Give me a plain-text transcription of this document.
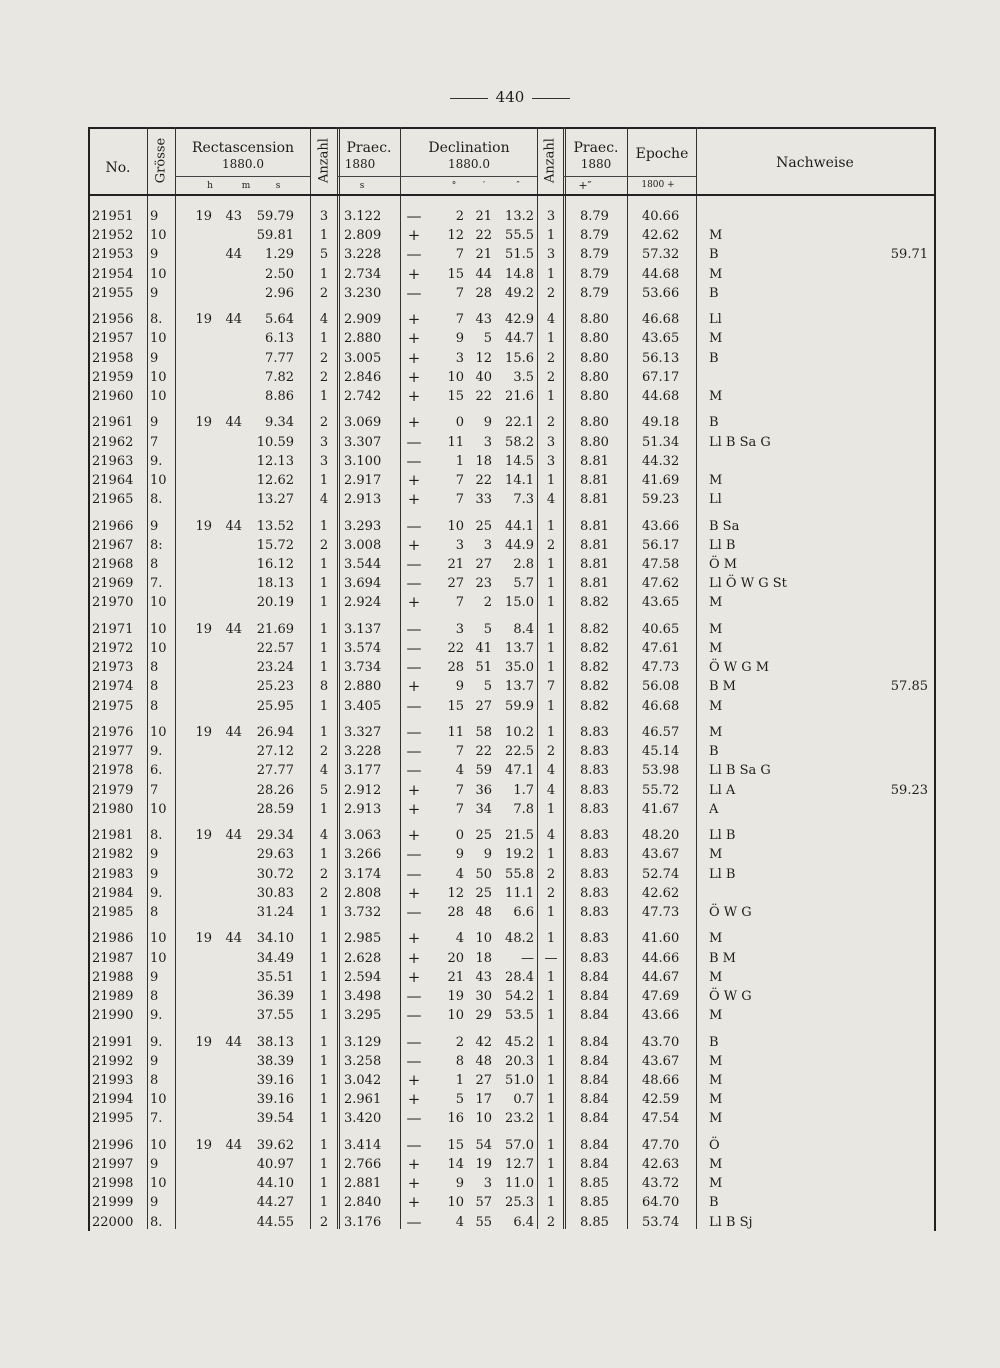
440
No.	Grösse	Rectascension
1880.0
h	m	s
Anzahl	Praec.
1880
s
Declination
1880.0
°	′	″
Anzahl	Praec.
1880
+″
Epoche
1800 +
Nachweise
21951	9	19	43	59.79	3	3.122	—	2 21	13.2 3	8.79	40.66
21952	10	59.81	1	2.809	+	12 22	55.5 1	8.79	42.62	M
21953	9	44	1.29	5	3.228	—	7 21	51.5 3	8.79	57.32	B	59.71
21954	10	2.50	1	2.734	+	15 44	14.8 1	8.79	44.68	M
21955	9	2.96	2	3.230	—	7 28	49.2 2	8.79	53.66	B
21956	8.	19	44	5.64	4	2.909	+	7 43	42.9 4	8.80	46.68	Ll
21957	10	6.13	1	2.880	+	9	5	44.7 1	8.80	43.65	M
21958	9	7.77	2	3.005	+	3 12	15.6 2	8.80	56.13	B
21959	10	7.82	2	2.846	+	10 40	3.5 2	8.80	67.17
21960	10	8.86	1	2.742	+	15 22	21.6 1	8.80	44.68	M
21961	9	19	44	9.34	2	3.069	+	0	9	22.1 2	8.80	49.18	B
21962	7	10.59	3	3.307	—	11	3	58.2 3	8.80	51.34	Ll B Sa G
21963	9.	12.13	3	3.100	—	1 18	14.5 3	8.81	44.32
21964	10	12.62	1	2.917	+	7 22	14.1 1	8.81	41.69	M
21965	8.	13.27	4	2.913	+	7 33	7.3 4	8.81	59.23	Ll
21966	9	19	44	13.52	1	3.293	—	10 25	44.1 1	8.81	43.66	B Sa
21967	8:	15.72	2	3.008	+	3	3	44.9 2	8.81	56.17	Ll B
21968	8	16.12	1	3.544	—	21 27	2.8 1	8.81	47.58	Ö M
21969	7.	18.13	1	3.694	—	27 23	5.7 1	8.81	47.62	Ll Ö W G St
21970	10	20.19	1	2.924	+	7	2	15.0 1	8.82	43.65	M
21971	10	19	44	21.69	1	3.137	—	3	5	8.4 1	8.82	40.65	M
21972	10	22.57	1	3.574	—	22 41	13.7 1	8.82	47.61	M
21973	8	23.24	1	3.734	—	28 51	35.0 1	8.82	47.73	Ö W G M
21974	8	25.23	8	2.880	+	9	5	13.7 7	8.82	56.08	B M	57.85
21975	8	25.95	1	3.405	—	15 27	59.9 1	8.82	46.68	M
21976	10	19	44	26.94	1	3.327	—	11 58	10.2 1	8.83	46.57	M
21977	9.	27.12	2	3.228	—	7 22	22.5 2	8.83	45.14	B
21978	6.	27.77	4	3.177	—	4 59	47.1 4	8.83	53.98	Ll B Sa G
21979	7	28.26	5	2.912	+	7 36	1.7 4	8.83	55.72	Ll A	59.23
21980	10	28.59	1	2.913	+	7 34	7.8 1	8.83	41.67	A
21981	8.	19	44	29.34	4	3.063	+	0 25	21.5 4	8.83	48.20	Ll B
21982	9	29.63	1	3.266	—	9	9	19.2 1	8.83	43.67	M
21983	9	30.72	2	3.174	—	4 50	55.8 2	8.83	52.74	Ll B
21984	9.	30.83	2	2.808	+	12 25	11.1 2	8.83	42.62
21985	8	31.24	1	3.732	—	28 48	6.6 1	8.83	47.73	Ö W G
21986	10	19	44	34.10	1	2.985	+	4 10	48.2 1	8.83	41.60	M
21987	10	34.49	1	2.628	+	20 18	— —	8.83	44.66	B M
21988	9	35.51	1	2.594	+	21 43	28.4 1	8.84	44.67	M
21989	8	36.39	1	3.498	—	19 30	54.2 1	8.84	47.69	Ö W G
21990	9.	37.55	1	3.295	—	10 29	53.5 1	8.84	43.66	M
21991	9.	19	44	38.13	1	3.129	—	2 42	45.2 1	8.84	43.70	B
21992	9	38.39	1	3.258	—	8 48	20.3 1	8.84	43.67	M
21993	8	39.16	1	3.042	+	1 27	51.0 1	8.84	48.66	M
21994	10	39.16	1	2.961	+	5 17	0.7 1	8.84	42.59	M
21995	7.	39.54	1	3.420	—	16 10	23.2 1	8.84	47.54	M
21996	10	19	44	39.62	1	3.414	—	15 54	57.0 1	8.84	47.70	Ö
21997	9	40.97	1	2.766	+	14 19	12.7 1	8.84	42.63	M
21998	10	44.10	1	2.881	+	9	3	11.0 1	8.85	43.72	M
21999	9	44.27	1	2.840	+	10 57	25.3 1	8.85	64.70	B
22000	8.	44.55	2	3.176	—	4 55	6.4 2	8.85	53.74	Ll B Sj
